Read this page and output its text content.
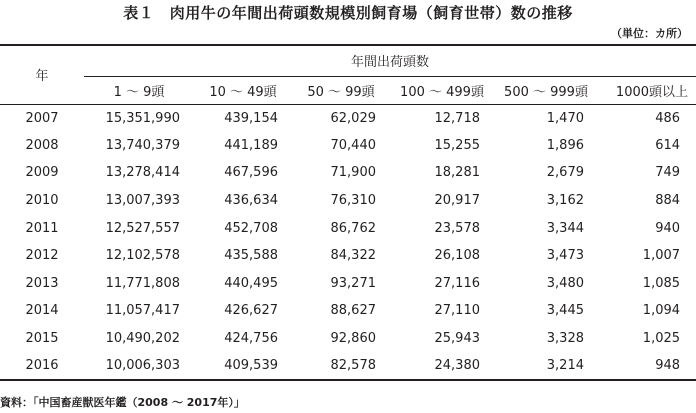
表１　肉用牛の年間出荷頭数規模別飼育場（飼育世帯）数の推移
（単位：カ所）
年	年間出荷頭数					
	1 ～ 9頭	10 ～ 49頭	50 ～ 99頭	100 ～ 499頭	500 ～ 999頭	1000頭以上
2007	15,351,990	439,154	62,029	12,718	1,470	486
2008	13,740,379	441,189	70,440	15,255	1,896	614
2009	13,278,414	467,596	71,900	18,281	2,679	749
2010	13,007,393	436,634	76,310	20,917	3,162	884
2011	12,527,557	452,708	86,762	23,578	3,344	940
2012	12,102,578	435,588	84,322	26,108	3,473	1,007
2013	11,771,808	440,495	93,271	27,116	3,480	1,085
2014	11,057,417	426,627	88,627	27,110	3,445	1,094
2015	10,490,202	424,756	92,860	25,943	3,328	1,025
2016	10,006,303	409,539	82,578	24,380	3,214	948
資料：「中国畜産獣医年鑑（2008 ～ 2017年）」
